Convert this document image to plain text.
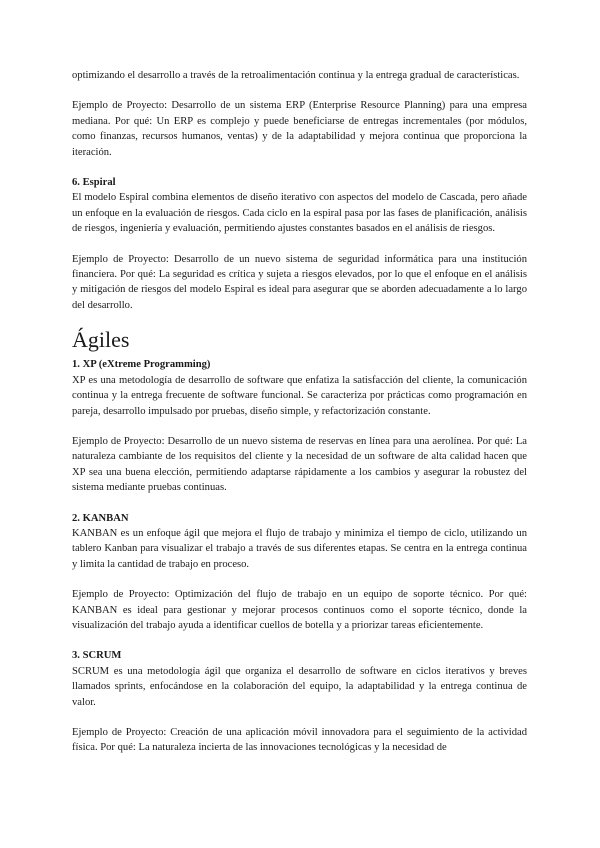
optimizando el desarrollo a través de la retroalimentación continua y la entrega gradual de características.

Ejemplo de Proyecto: Desarrollo de un sistema ERP (Enterprise Resource Planning) para una empresa mediana. Por qué: Un ERP es complejo y puede beneficiarse de entregas incrementales (por módulos, como finanzas, recursos humanos, ventas) y de la adaptabilidad y mejora continua que proporciona la iteración.

6. Espiral

El modelo Espiral combina elementos de diseño iterativo con aspectos del modelo de Cascada, pero añade un enfoque en la evaluación de riesgos. Cada ciclo en la espiral pasa por las fases de planificación, análisis de riesgos, ingeniería y evaluación, permitiendo ajustes constantes basados en el análisis de riesgos.

Ejemplo de Proyecto: Desarrollo de un nuevo sistema de seguridad informática para una institución financiera. Por qué: La seguridad es crítica y sujeta a riesgos elevados, por lo que el enfoque en el análisis y mitigación de riesgos del modelo Espiral es ideal para asegurar que se aborden adecuadamente a lo largo del desarrollo.

Ágiles
1. XP (eXtreme Programming)

XP es una metodología de desarrollo de software que enfatiza la satisfacción del cliente, la comunicación continua y la entrega frecuente de software funcional. Se caracteriza por prácticas como programación en pareja, desarrollo impulsado por pruebas, diseño simple, y refactorización constante.

Ejemplo de Proyecto: Desarrollo de un nuevo sistema de reservas en línea para una aerolínea. Por qué: La naturaleza cambiante de los requisitos del cliente y la necesidad de un software de alta calidad hacen que XP sea una buena elección, permitiendo adaptarse rápidamente a los cambios y asegurar la robustez del sistema mediante pruebas continuas.

2. KANBAN

KANBAN es un enfoque ágil que mejora el flujo de trabajo y minimiza el tiempo de ciclo, utilizando un tablero Kanban para visualizar el trabajo a través de sus diferentes etapas. Se centra en la entrega continua y limita la cantidad de trabajo en proceso.

Ejemplo de Proyecto: Optimización del flujo de trabajo en un equipo de soporte técnico. Por qué: KANBAN es ideal para gestionar y mejorar procesos continuos como el soporte técnico, donde la visualización del trabajo ayuda a identificar cuellos de botella y a priorizar tareas eficientemente.

3. SCRUM

SCRUM es una metodología ágil que organiza el desarrollo de software en ciclos iterativos y breves llamados sprints, enfocándose en la colaboración del equipo, la adaptabilidad y la entrega continua de valor.

Ejemplo de Proyecto: Creación de una aplicación móvil innovadora para el seguimiento de la actividad física. Por qué: La naturaleza incierta de las innovaciones tecnológicas y la necesidad de
